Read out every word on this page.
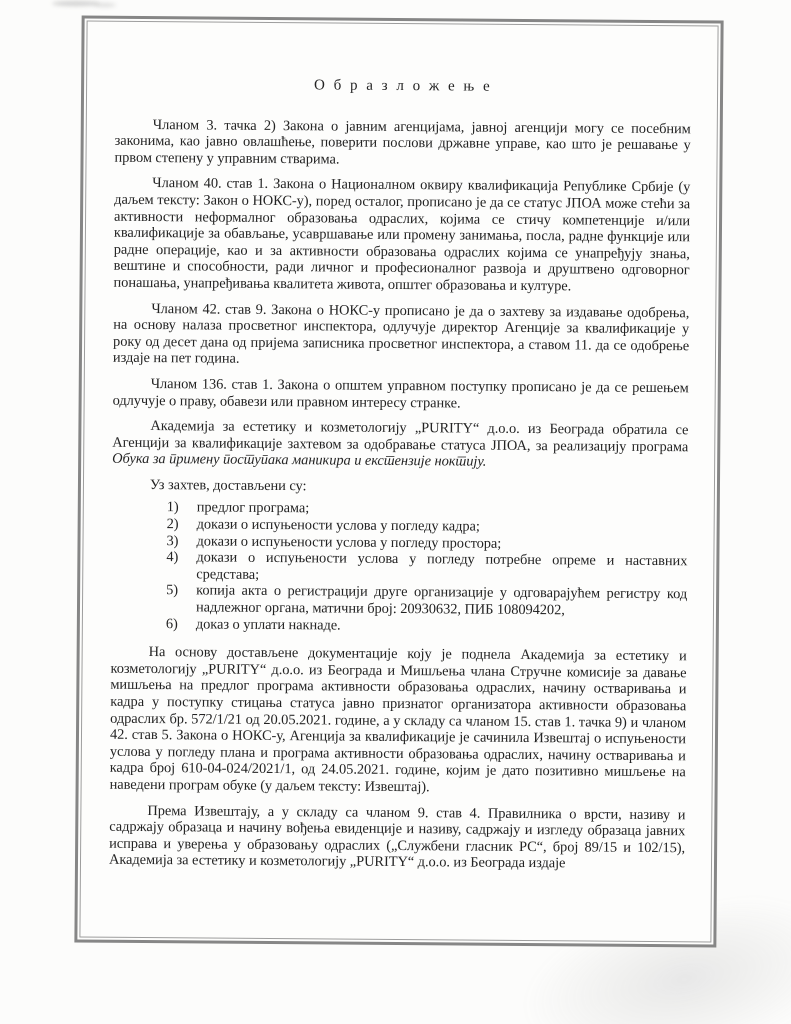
О б р а з л о ж е њ е

Чланом 3. тачка 2) Закона о јавним агенцијама, јавној агенцији могу се посебним законима, као јавно овлашћење, поверити послови државне управе, као што је решавање у првом степену у управним стварима.

Чланом 40. став 1. Закона о Националном оквиру квалификација Републике Србије (у даљем тексту: Закон о НОКС-у), поред осталог, прописано је да се статус ЈПОА може стећи за активности неформалног образовања одраслих, којима се стичу компетенције и/или квалификације за обављање, усавршавање или промену занимања, посла, радне функције или радне операције, као и за активности образовања одраслих којима се унапређују знања, вештине и способности, ради личног и професионалног развоја и друштвено одговорног понашања, унапређивања квалитета живота, општег образовања и културе.

Чланом 42. став 9. Закона о НОКС-у прописано је да о захтеву за издавање одобрења, на основу налаза просветног инспектора, одлучује директор Агенције за квалификације у року од десет дана од пријема записника просветног инспектора, а ставом 11. да се одобрење издаје на пет година.

Чланом 136. став 1. Закона о општем управном поступку прописано је да се решењем одлучује о праву, обавези или правном интересу странке.

Академија за естетику и козметологију „PURITY“ д.о.о. из Београда обратила се Агенцији за квалификације захтевом за одобравање статуса ЈПОА, за реализацију програма Обука за примену поступака маникира и екстензије ноктију.

Уз захтев, достављени су:

1)	предлог програма;
2)	докази о испуњености услова у погледу кадра;
3)	докази о испуњености услова у погледу простора;
4)	докази о испуњености услова у погледу потребне опреме и наставних средстава;
5)	копија акта о регистрацији друге организације у одговарајућем регистру код надлежног органа, матични број: 20930632, ПИБ 108094202,
6)	доказ о уплати накнаде.

На основу достављене документације коју је поднела Академија за естетику и козметологију „PURITY“ д.о.о. из Београда и Мишљења члана Стручне комисије за давање мишљења на предлог програма активности образовања одраслих, начину остваривања и кадра у поступку стицања статуса јавно признатог организатора активности образовања одраслих бр. 572/1/21 од 20.05.2021. године, а у складу са чланом 15. став 1. тачка 9) и чланом 42. став 5. Закона о НОКС-у, Агенција за квалификације је сачинила Извештај о испуњености услова у погледу плана и програма активности образовања одраслих, начину остваривања и кадра број 610-04-024/2021/1, од 24.05.2021. године, којим је дато позитивно мишљење на наведени програм обуке (у даљем тексту: Извештај).

Према Извештају, а у складу са чланом 9. став 4. Правилника о врсти, називу и садржају образаца и начину вођења евиденције и називу, садржају и изгледу образаца јавних исправа и уверења у образовању одраслих („Службени гласник РС“, број 89/15 и 102/15), Академија за естетику и козметологију „PURITY“ д.о.о. из Београда издаје
